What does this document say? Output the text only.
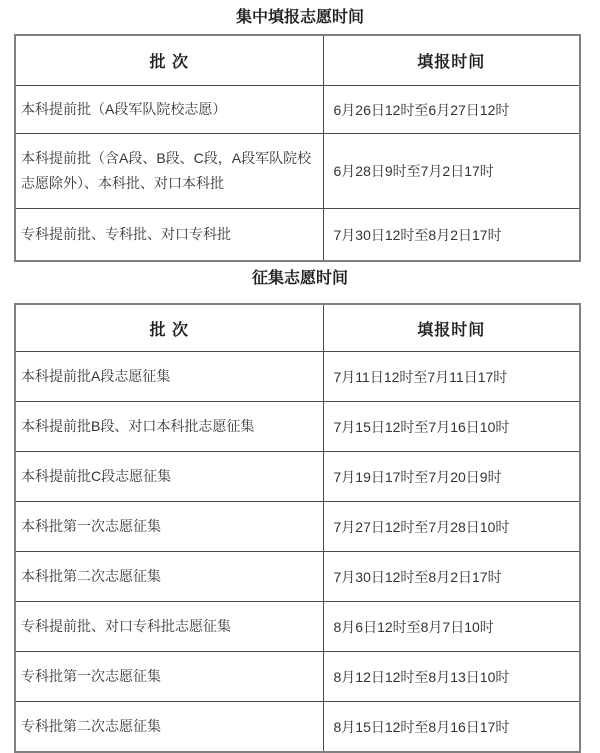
集中填报志愿时间
批 次	填报时间
本科提前批（A段军队院校志愿）	6月26日12时至6月27日12时
本科提前批（含A段、B段、C段，A段军队院校志愿除外）、本科批、对口本科批	6月28日9时至7月2日17时
专科提前批、专科批、对口专科批	7月30日12时至8月2日17时
征集志愿时间
批 次	填报时间
本科提前批A段志愿征集	7月11日12时至7月11日17时
本科提前批B段、对口本科批志愿征集	7月15日12时至7月16日10时
本科提前批C段志愿征集	7月19日17时至7月20日9时
本科批第一次志愿征集	7月27日12时至7月28日10时
本科批第二次志愿征集	7月30日12时至8月2日17时
专科提前批、对口专科批志愿征集	8月6日12时至8月7日10时
专科批第一次志愿征集	8月12日12时至8月13日10时
专科批第二次志愿征集	8月15日12时至8月16日17时
